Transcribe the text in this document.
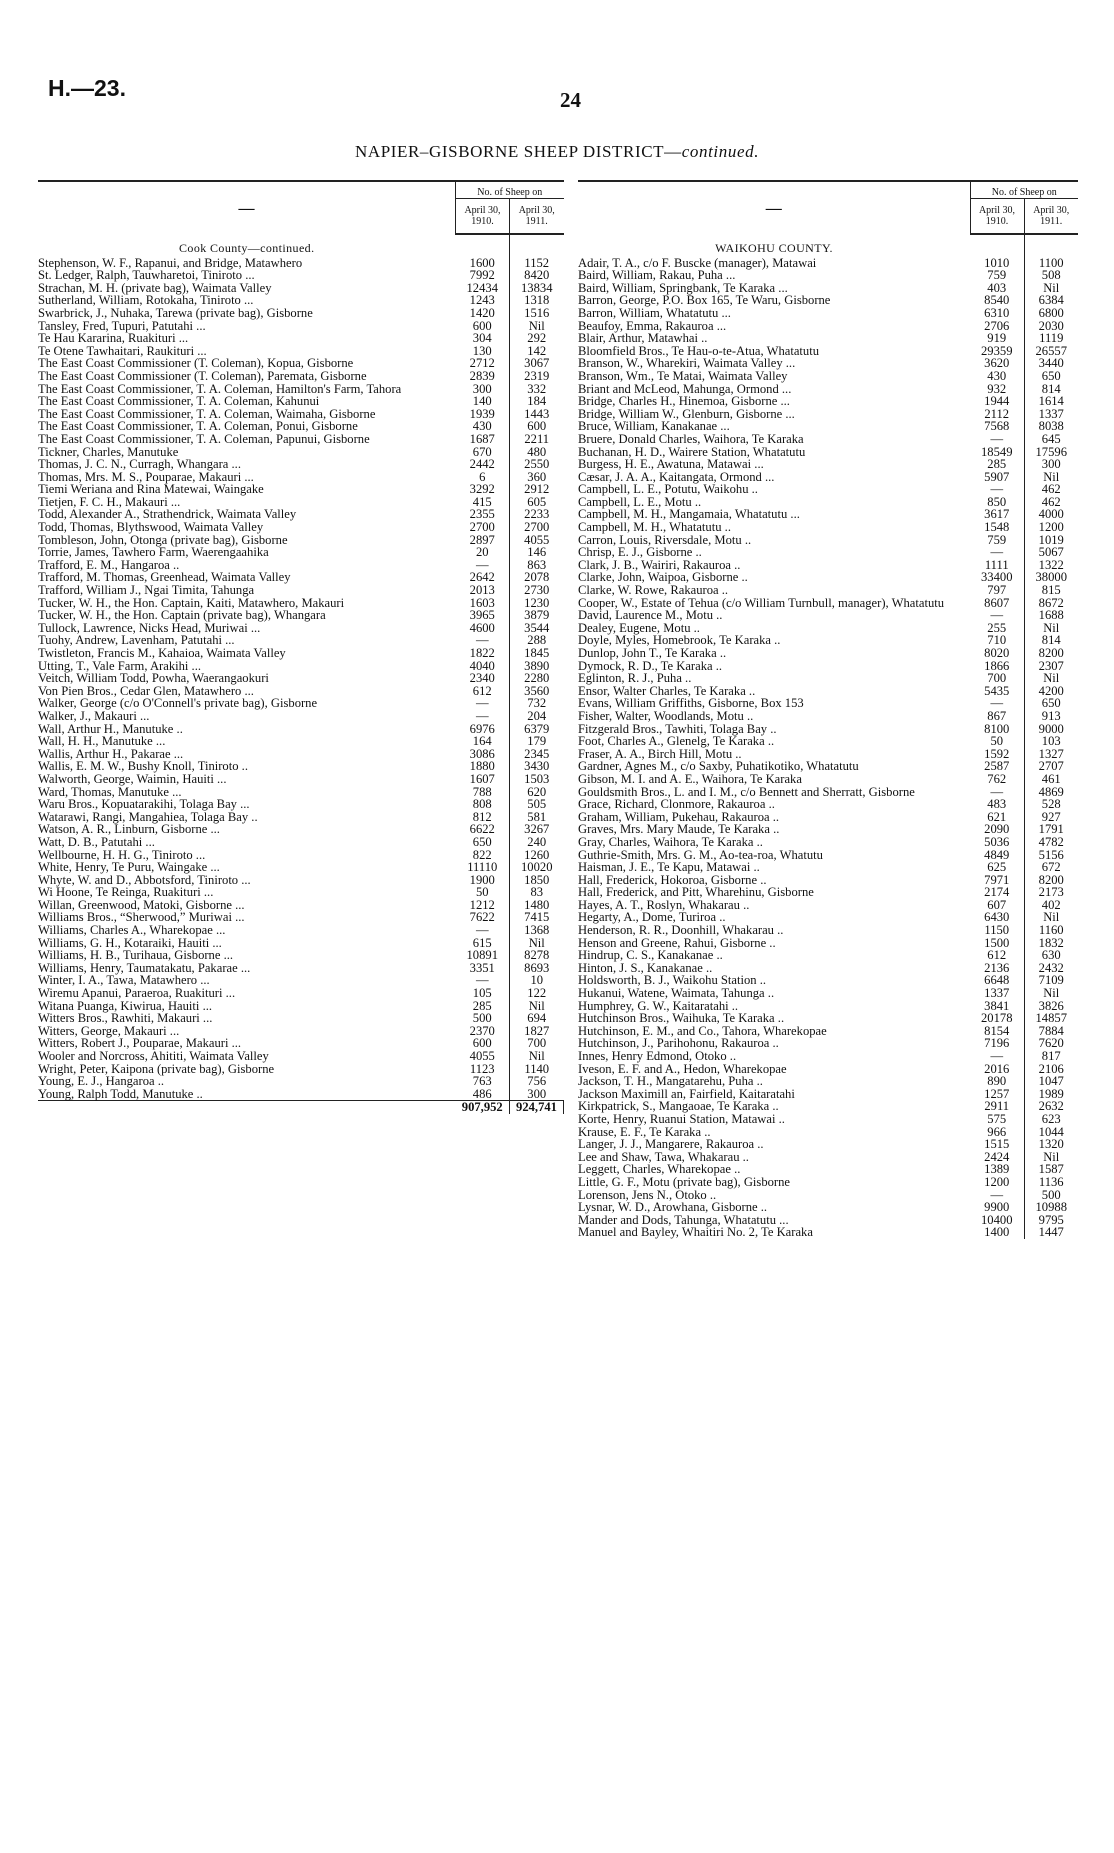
H.—23.	24
NAPIER–GISBORNE SHEEP DISTRICT—continued.
—	No. of Sheep on	
	April 30, 1910.	April 30, 1911.
Cook County—continued.		
Stephenson, W. F., Rapanui, and Bridge, Matawhero	1600	1152
St. Ledger, Ralph, Tauwharetoi, Tiniroto ...	7992	8420
Strachan, M. H. (private bag), Waimata Valley	12434	13834
Sutherland, William, Rotokaha, Tiniroto ...	1243	1318
Swarbrick, J., Nuhaka, Tarewa (private bag), Gisborne	1420	1516
Tansley, Fred, Tupuri, Patutahi ...	600	Nil
Te Hau Kararina, Ruakituri ...	304	292
Te Otene Tawhaitari, Raukituri ...	130	142
The East Coast Commissioner (T. Coleman), Kopua, Gisborne	2712	3067
The East Coast Commissioner (T. Coleman), Paremata, Gisborne	2839	2319
The East Coast Commissioner, T. A. Coleman, Hamilton's Farm, Tahora	300	332
The East Coast Commissioner, T. A. Coleman, Kahunui	140	184
The East Coast Commissioner, T. A. Coleman, Waimaha, Gisborne	1939	1443
The East Coast Commissioner, T. A. Coleman, Ponui, Gisborne	430	600
The East Coast Commissioner, T. A. Coleman, Papunui, Gisborne	1687	2211
Tickner, Charles, Manutuke	670	480
Thomas, J. C. N., Curragh, Whangara ...	2442	2550
Thomas, Mrs. M. S., Pouparae, Makauri ...	6	360
Tiemi Weriana and Rina Matewai, Waingake	3292	2912
Tietjen, F. C. H., Makauri ...	415	605
Todd, Alexander A., Strathendrick, Waimata Valley	2355	2233
Todd, Thomas, Blythswood, Waimata Valley	2700	2700
Tombleson, John, Otonga (private bag), Gisborne	2897	4055
Torrie, James, Tawhero Farm, Waerengaahika	20	146
Trafford, E. M., Hangaroa ..	—	863
Trafford, M. Thomas, Greenhead, Waimata Valley	2642	2078
Trafford, William J., Ngai Timita, Tahunga	2013	2730
Tucker, W. H., the Hon. Captain, Kaiti, Matawhero, Makauri	1603	1230
Tucker, W. H., the Hon. Captain (private bag), Whangara	3965	3879
Tullock, Lawrence, Nicks Head, Muriwai ...	4600	3544
Tuohy, Andrew, Lavenham, Patutahi ...	—	288
Twistleton, Francis M., Kahaioa, Waimata Valley	1822	1845
Utting, T., Vale Farm, Arakihi ...	4040	3890
Veitch, William Todd, Powha, Waerangaokuri	2340	2280
Von Pien Bros., Cedar Glen, Matawhero ...	612	3560
Walker, George (c/o O'Connell's private bag), Gisborne	—	732
Walker, J., Makauri ...	—	204
Wall, Arthur H., Manutuke ..	6976	6379
Wall, H. H., Manutuke ...	164	179
Wallis, Arthur H., Pakarae ...	3086	2345
Wallis, E. M. W., Bushy Knoll, Tiniroto ..	1880	3430
Walworth, George, Waimin, Hauiti ...	1607	1503
Ward, Thomas, Manutuke ...	788	620
Waru Bros., Kopuatarakihi, Tolaga Bay ...	808	505
Watarawi, Rangi, Mangahiea, Tolaga Bay ..	812	581
Watson, A. R., Linburn, Gisborne ...	6622	3267
Watt, D. B., Patutahi ...	650	240
Wellbourne, H. H. G., Tiniroto ...	822	1260
White, Henry, Te Puru, Waingake ...	11110	10020
Whyte, W. and D., Abbotsford, Tiniroto ...	1900	1850
Wi Hoone, Te Reinga, Ruakituri ...	50	83
Willan, Greenwood, Matoki, Gisborne ...	1212	1480
Williams Bros., “Sherwood,” Muriwai ...	7622	7415
Williams, Charles A., Wharekopae ...	—	1368
Williams, G. H., Kotaraiki, Hauiti ...	615	Nil
Williams, H. B., Turihaua, Gisborne ...	10891	8278
Williams, Henry, Taumatakatu, Pakarae ...	3351	8693
Winter, I. A., Tawa, Matawhero ...	—	10
Wiremu Apanui, Paraeroa, Ruakituri ...	105	122
Witana Puanga, Kiwirua, Hauiti ...	285	Nil
Witters Bros., Rawhiti, Makauri ...	500	694
Witters, George, Makauri ...	2370	1827
Witters, Robert J., Pouparae, Makauri ...	600	700
Wooler and Norcross, Ahititi, Waimata Valley	4055	Nil
Wright, Peter, Kaipona (private bag), Gisborne	1123	1140
Young, E. J., Hangaroa ..	763	756
Young, Ralph Todd, Manutuke ..	486	300
	907,952	924,741
—	No. of Sheep on	
	April 30, 1910.	April 30, 1911.
WAIKOHU COUNTY.		
Adair, T. A., c/o F. Buscke (manager), Matawai	1010	1100
Baird, William, Rakau, Puha ...	759	508
Baird, William, Springbank, Te Karaka ...	403	Nil
Barron, George, P.O. Box 165, Te Waru, Gisborne	8540	6384
Barron, William, Whatatutu ...	6310	6800
Beaufoy, Emma, Rakauroa ...	2706	2030
Blair, Arthur, Matawhai ..	919	1119
Bloomfield Bros., Te Hau-o-te-Atua, Whatatutu	29359	26557
Branson, W., Wharekiri, Waimata Valley ...	3620	3440
Branson, Wm., Te Matai, Waimata Valley	430	650
Briant and McLeod, Mahunga, Ormond ...	932	814
Bridge, Charles H., Hinemoa, Gisborne ...	1944	1614
Bridge, William W., Glenburn, Gisborne ...	2112	1337
Bruce, William, Kanakanae ...	7568	8038
Bruere, Donald Charles, Waihora, Te Karaka	—	645
Buchanan, H. D., Wairere Station, Whatatutu	18549	17596
Burgess, H. E., Awatuna, Matawai ...	285	300
Cæsar, J. A. A., Kaitangata, Ormond ...	5907	Nil
Campbell, L. E., Potutu, Waikohu ..	—	462
Campbell, L. E., Motu ..	850	462
Campbell, M. H., Mangamaia, Whatatutu ...	3617	4000
Campbell, M. H., Whatatutu ..	1548	1200
Carron, Louis, Riversdale, Motu ..	759	1019
Chrisp, E. J., Gisborne ..	—	5067
Clark, J. B., Wairiri, Rakauroa ..	1111	1322
Clarke, John, Waipoa, Gisborne ..	33400	38000
Clarke, W. Rowe, Rakauroa ..	797	815
Cooper, W., Estate of Tehua (c/o William Turnbull, manager), Whatatutu	8607	8672
David, Laurence M., Motu ..	—	1688
Dealey, Eugene, Motu ..	255	Nil
Doyle, Myles, Homebrook, Te Karaka ..	710	814
Dunlop, John T., Te Karaka ..	8020	8200
Dymock, R. D., Te Karaka ..	1866	2307
Eglinton, R. J., Puha ..	700	Nil
Ensor, Walter Charles, Te Karaka ..	5435	4200
Evans, William Griffiths, Gisborne, Box 153	—	650
Fisher, Walter, Woodlands, Motu ..	867	913
Fitzgerald Bros., Tawhiti, Tolaga Bay ..	8100	9000
Foot, Charles A., Glenelg, Te Karaka ..	50	103
Fraser, A. A., Birch Hill, Motu ..	1592	1327
Gardner, Agnes M., c/o Saxby, Puhatikotiko, Whatatutu	2587	2707
Gibson, M. I. and A. E., Waihora, Te Karaka	762	461
Gouldsmith Bros., L. and I. M., c/o Bennett and Sherratt, Gisborne	—	4869
Grace, Richard, Clonmore, Rakauroa ..	483	528
Graham, William, Pukehau, Rakauroa ..	621	927
Graves, Mrs. Mary Maude, Te Karaka ..	2090	1791
Gray, Charles, Waihora, Te Karaka ..	5036	4782
Guthrie-Smith, Mrs. G. M., Ao-tea-roa, Whatutu	4849	5156
Haisman, J. E., Te Kapu, Matawai ..	625	672
Hall, Frederick, Hokoroa, Gisborne ..	7971	8200
Hall, Frederick, and Pitt, Wharehinu, Gisborne	2174	2173
Hayes, A. T., Roslyn, Whakarau ..	607	402
Hegarty, A., Dome, Turiroa ..	6430	Nil
Henderson, R. R., Doonhill, Whakarau ..	1150	1160
Henson and Greene, Rahui, Gisborne ..	1500	1832
Hindrup, C. S., Kanakanae ..	612	630
Hinton, J. S., Kanakanae ..	2136	2432
Holdsworth, B. J., Waikohu Station ..	6648	7109
Hukanui, Watene, Waimata, Tahunga ..	1337	Nil
Humphrey, G. W., Kaitaratahi ..	3841	3826
Hutchinson Bros., Waihuka, Te Karaka ..	20178	14857
Hutchinson, E. M., and Co., Tahora, Wharekopae	8154	7884
Hutchinson, J., Parihohonu, Rakauroa ..	7196	7620
Innes, Henry Edmond, Otoko ..	—	817
Iveson, E. F. and A., Hedon, Wharekopae	2016	2106
Jackson, T. H., Mangatarehu, Puha ..	890	1047
Jackson Maximill an, Fairfield, Kaitaratahi	1257	1989
Kirkpatrick, S., Mangaoae, Te Karaka ..	2911	2632
Korte, Henry, Ruanui Station, Matawai ..	575	623
Krause, E. F., Te Karaka ..	966	1044
Langer, J. J., Mangarere, Rakauroa ..	1515	1320
Lee and Shaw, Tawa, Whakarau ..	2424	Nil
Leggett, Charles, Wharekopae ..	1389	1587
Little, G. F., Motu (private bag), Gisborne	1200	1136
Lorenson, Jens N., Otoko ..	—	500
Lysnar, W. D., Arowhana, Gisborne ..	9900	10988
Mander and Dods, Tahunga, Whatatutu ...	10400	9795
Manuel and Bayley, Whaitiri No. 2, Te Karaka	1400	1447
